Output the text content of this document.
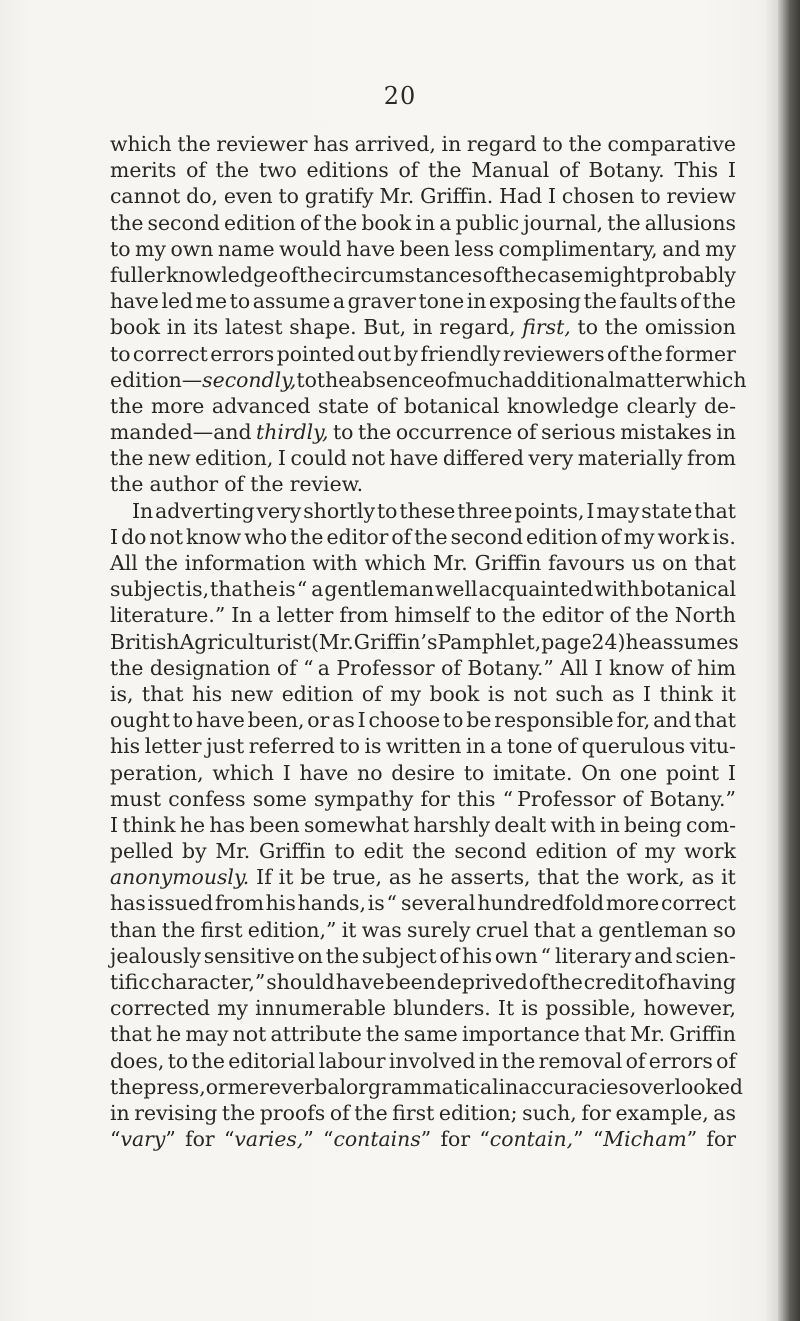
20
which the reviewer has arrived, in regard to the comparative
merits of the two editions of the Manual of Botany. This I
cannot do, even to gratify Mr. Griffin. Had I chosen to review
the second edition of the book in a public journal, the allusions
to my own name would have been less complimentary, and my
fuller knowledge of the circumstances of the case might probably
have led me to assume a graver tone in exposing the faults of the
book in its latest shape. But, in regard, first, to the omission
to correct errors pointed out by friendly reviewers of the former
edition— secondly, to the absence of much additional matter which
the more advanced state of botanical knowledge clearly de-
manded—and thirdly, to the occurrence of serious mistakes in
the new edition, I could not have differed very materially from
the author of the review.
In adverting very shortly to these three points, I may state that
I do not know who the editor of the second edition of my work is.
All the information with which Mr. Griffin favours us on that
subject is, that he is “  a gentleman well acquainted with botanical
literature.” In a letter from himself to the editor of the North
British Agriculturist (Mr. Griffin’s Pamphlet, page 24) he assumes
the designation of “  a Professor of Botany.” All I know of him
is, that his new edition of my book is not such as I think it
ought to have been, or as I choose to be responsible for, and that
his letter just referred to is written in a tone of querulous vitu-
peration, which I have no desire to imitate. On one point I
must confess some sympathy for this “  Professor of Botany.”
I think he has been somewhat harshly dealt with in being com-
pelled by Mr. Griffin to edit the second edition of my work
anonymously. If it be true, as he asserts, that the work, as it
has issued from his hands, is “  several hundredfold more correct
than the first edition,” it was surely cruel that a gentleman so
jealously sensitive on the subject of his own “  literary and scien-
tific character,” should have been deprived of the credit of having
corrected my innumerable blunders. It is possible, however,
that he may not attribute the same importance that Mr. Griffin
does, to the editorial labour involved in the removal of errors of
the press, or mere verbal or grammatical inaccuracies overlooked
in revising the proofs of the first edition; such, for example, as
“vary” for “varies,” “contains” for “contain,” “Micham” for
